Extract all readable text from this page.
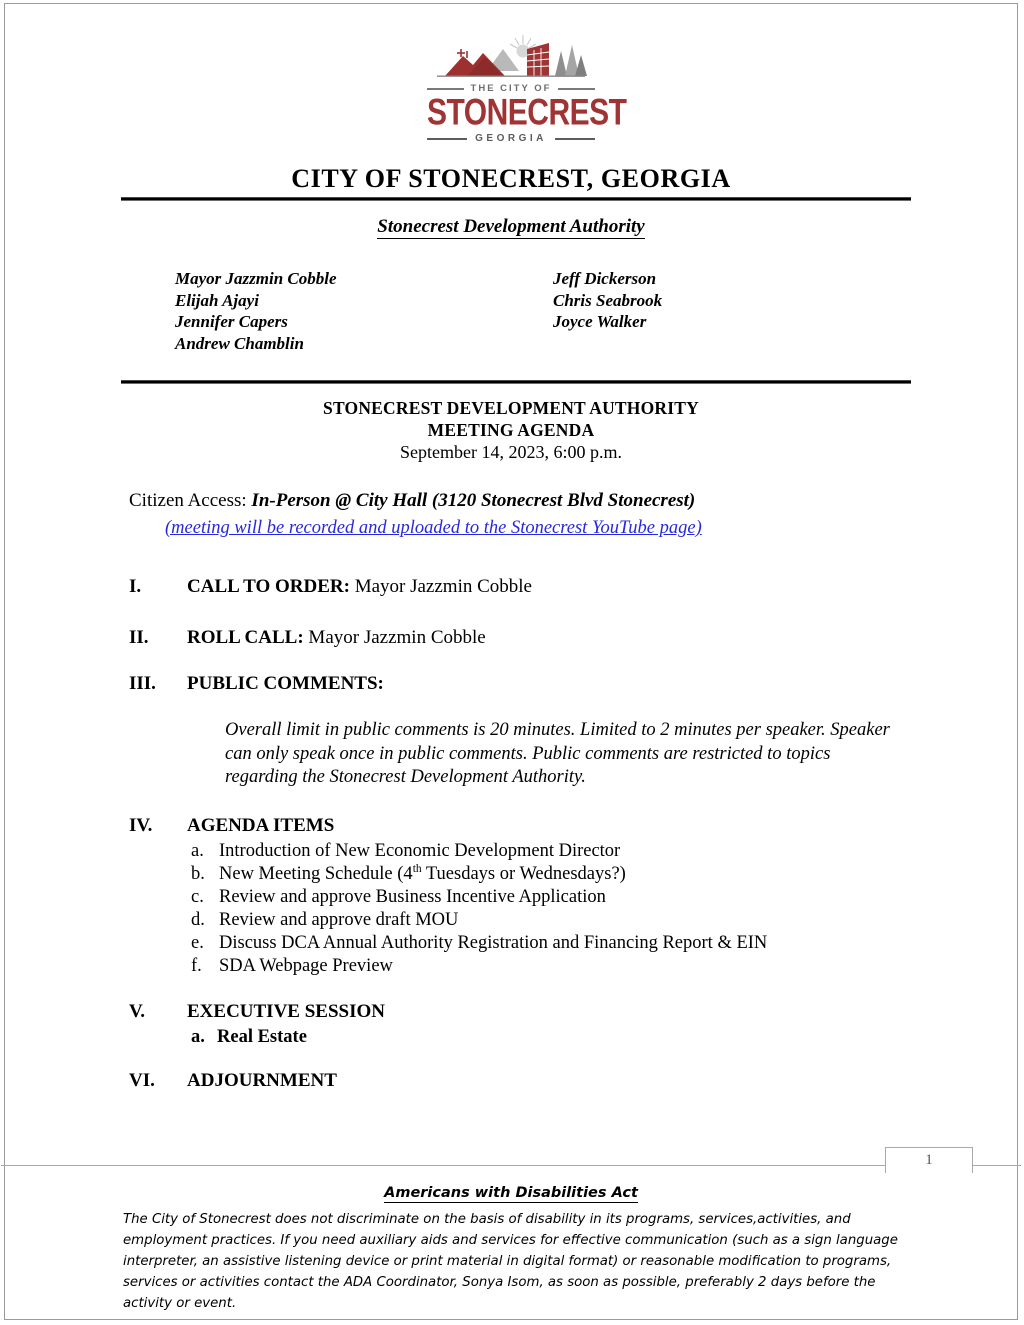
THE CITY OF
STONECREST
GEORGIA
CITY OF STONECREST, GEORGIA
Stonecrest Development Authority
Mayor Jazzmin Cobble
Elijah Ajayi
Jennifer Capers
Andrew Chamblin
Jeff Dickerson
Chris Seabrook
Joyce Walker
STONECREST DEVELOPMENT AUTHORITY
MEETING AGENDA
September 14, 2023, 6:00 p.m.
Citizen Access: In-Person @ City Hall (3120 Stonecrest Blvd Stonecrest)
(meeting will be recorded and uploaded to the Stonecrest YouTube page)
I. CALL TO ORDER: Mayor Jazzmin Cobble
II. ROLL CALL: Mayor Jazzmin Cobble
III. PUBLIC COMMENTS:
Overall limit in public comments is 20 minutes. Limited to 2 minutes per speaker. Speaker can only speak once in public comments. Public comments are restricted to topics regarding the Stonecrest Development Authority.
IV. AGENDA ITEMS
a. Introduction of New Economic Development Director
b. New Meeting Schedule (4th Tuesdays or Wednesdays?)
c. Review and approve Business Incentive Application
d. Review and approve draft MOU
e. Discuss DCA Annual Authority Registration and Financing Report & EIN
f. SDA Webpage Preview
V. EXECUTIVE SESSION
a. Real Estate
VI. ADJOURNMENT
1
Americans with Disabilities Act

The City of Stonecrest does not discriminate on the basis of disability in its programs, services,activities, and employment practices. If you need auxiliary aids and services for effective communication (such as a sign language interpreter, an assistive listening device or print material in digital format) or reasonable modification to programs, services or activities contact the ADA Coordinator, Sonya Isom, as soon as possible, preferably 2 days before the activity or event.
